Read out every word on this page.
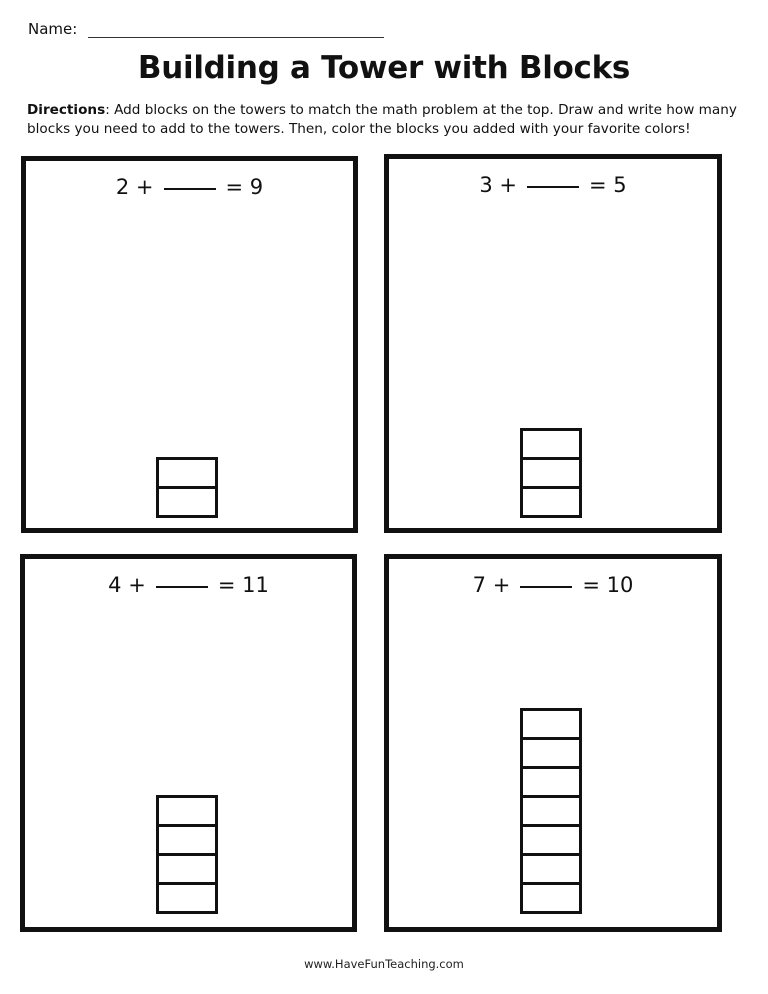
Name:
Building a Tower with Blocks
Directions: Add blocks on the towers to match the math problem at the top. Draw and write how many blocks you need to add to the towers. Then, color the blocks you added with your favorite colors!
2 +	= 9	3 +	= 5
4 +	= 11	7 +	= 10
www.HaveFunTeaching.com
